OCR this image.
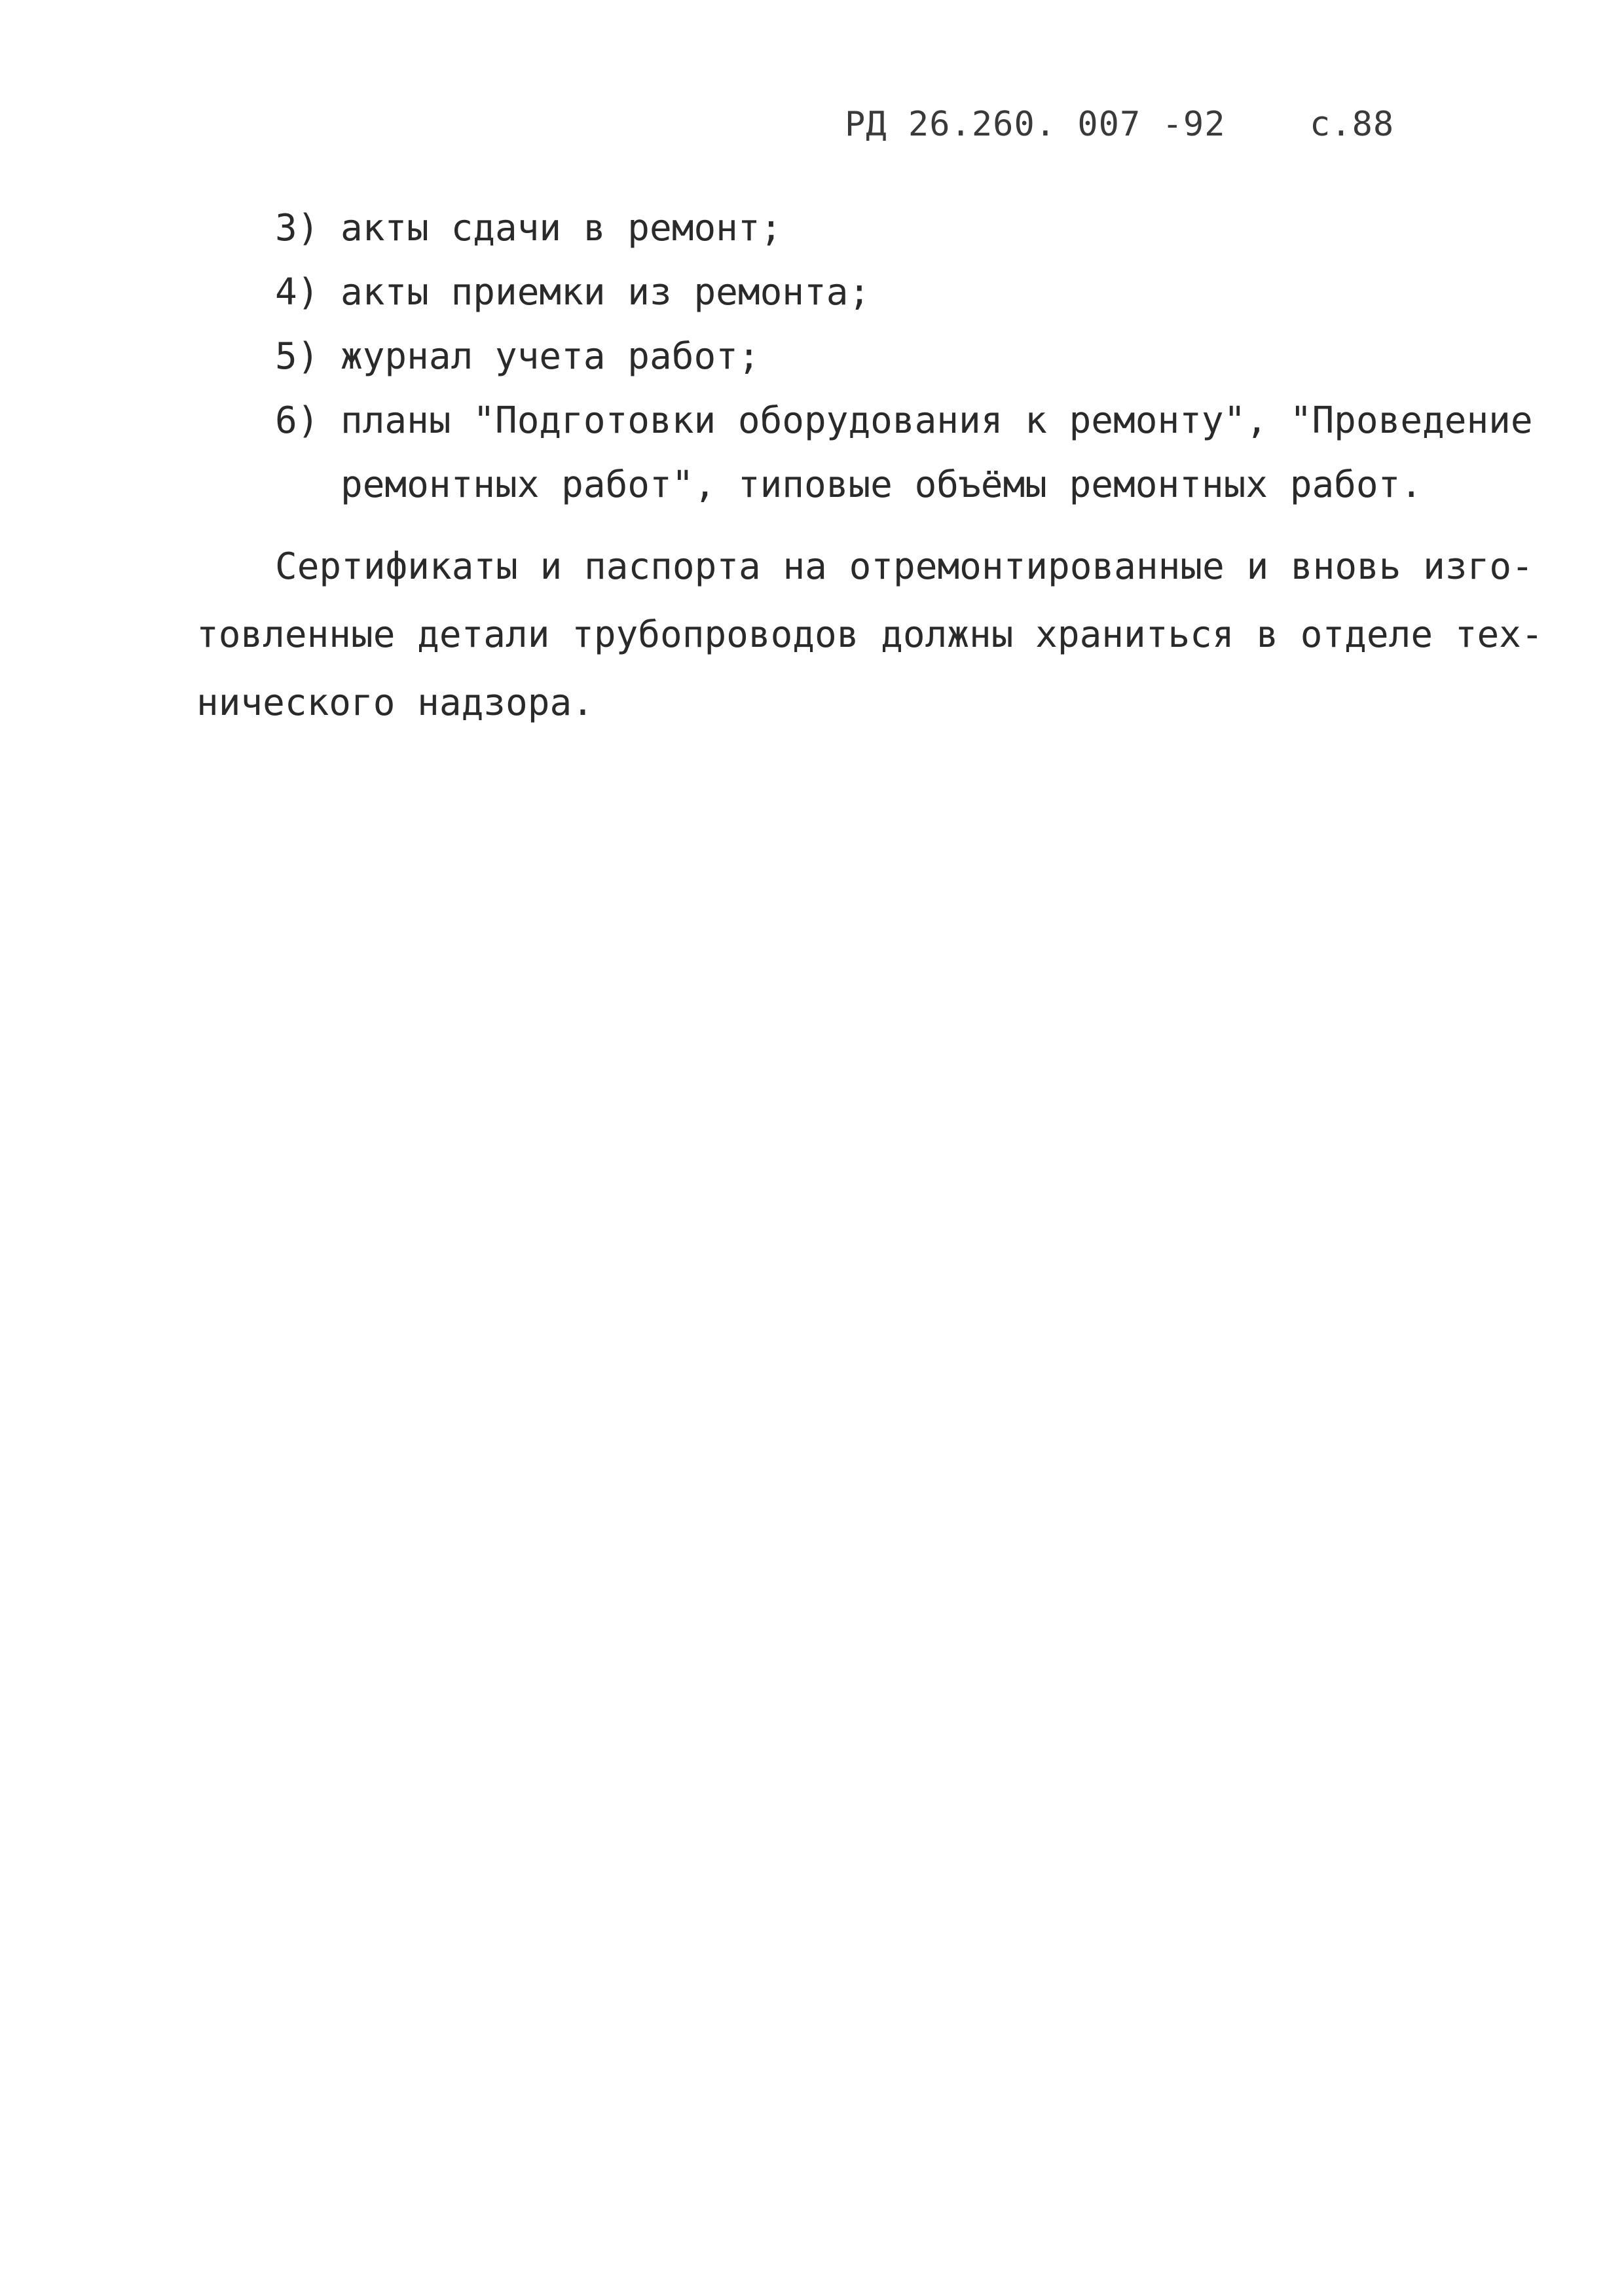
РД 26.260. 007 -92 с.88
3) акты сдачи в ремонт;
4) акты приемки из ремонта;
5) журнал учета работ;
6) планы "Подготовки оборудования к ремонту", "Проведение
ремонтных работ", типовые объёмы ремонтных работ.
Сертификаты и паспорта на отремонтированные и вновь изго-
товленные детали трубопроводов должны храниться в отделе тех-
нического надзора.
